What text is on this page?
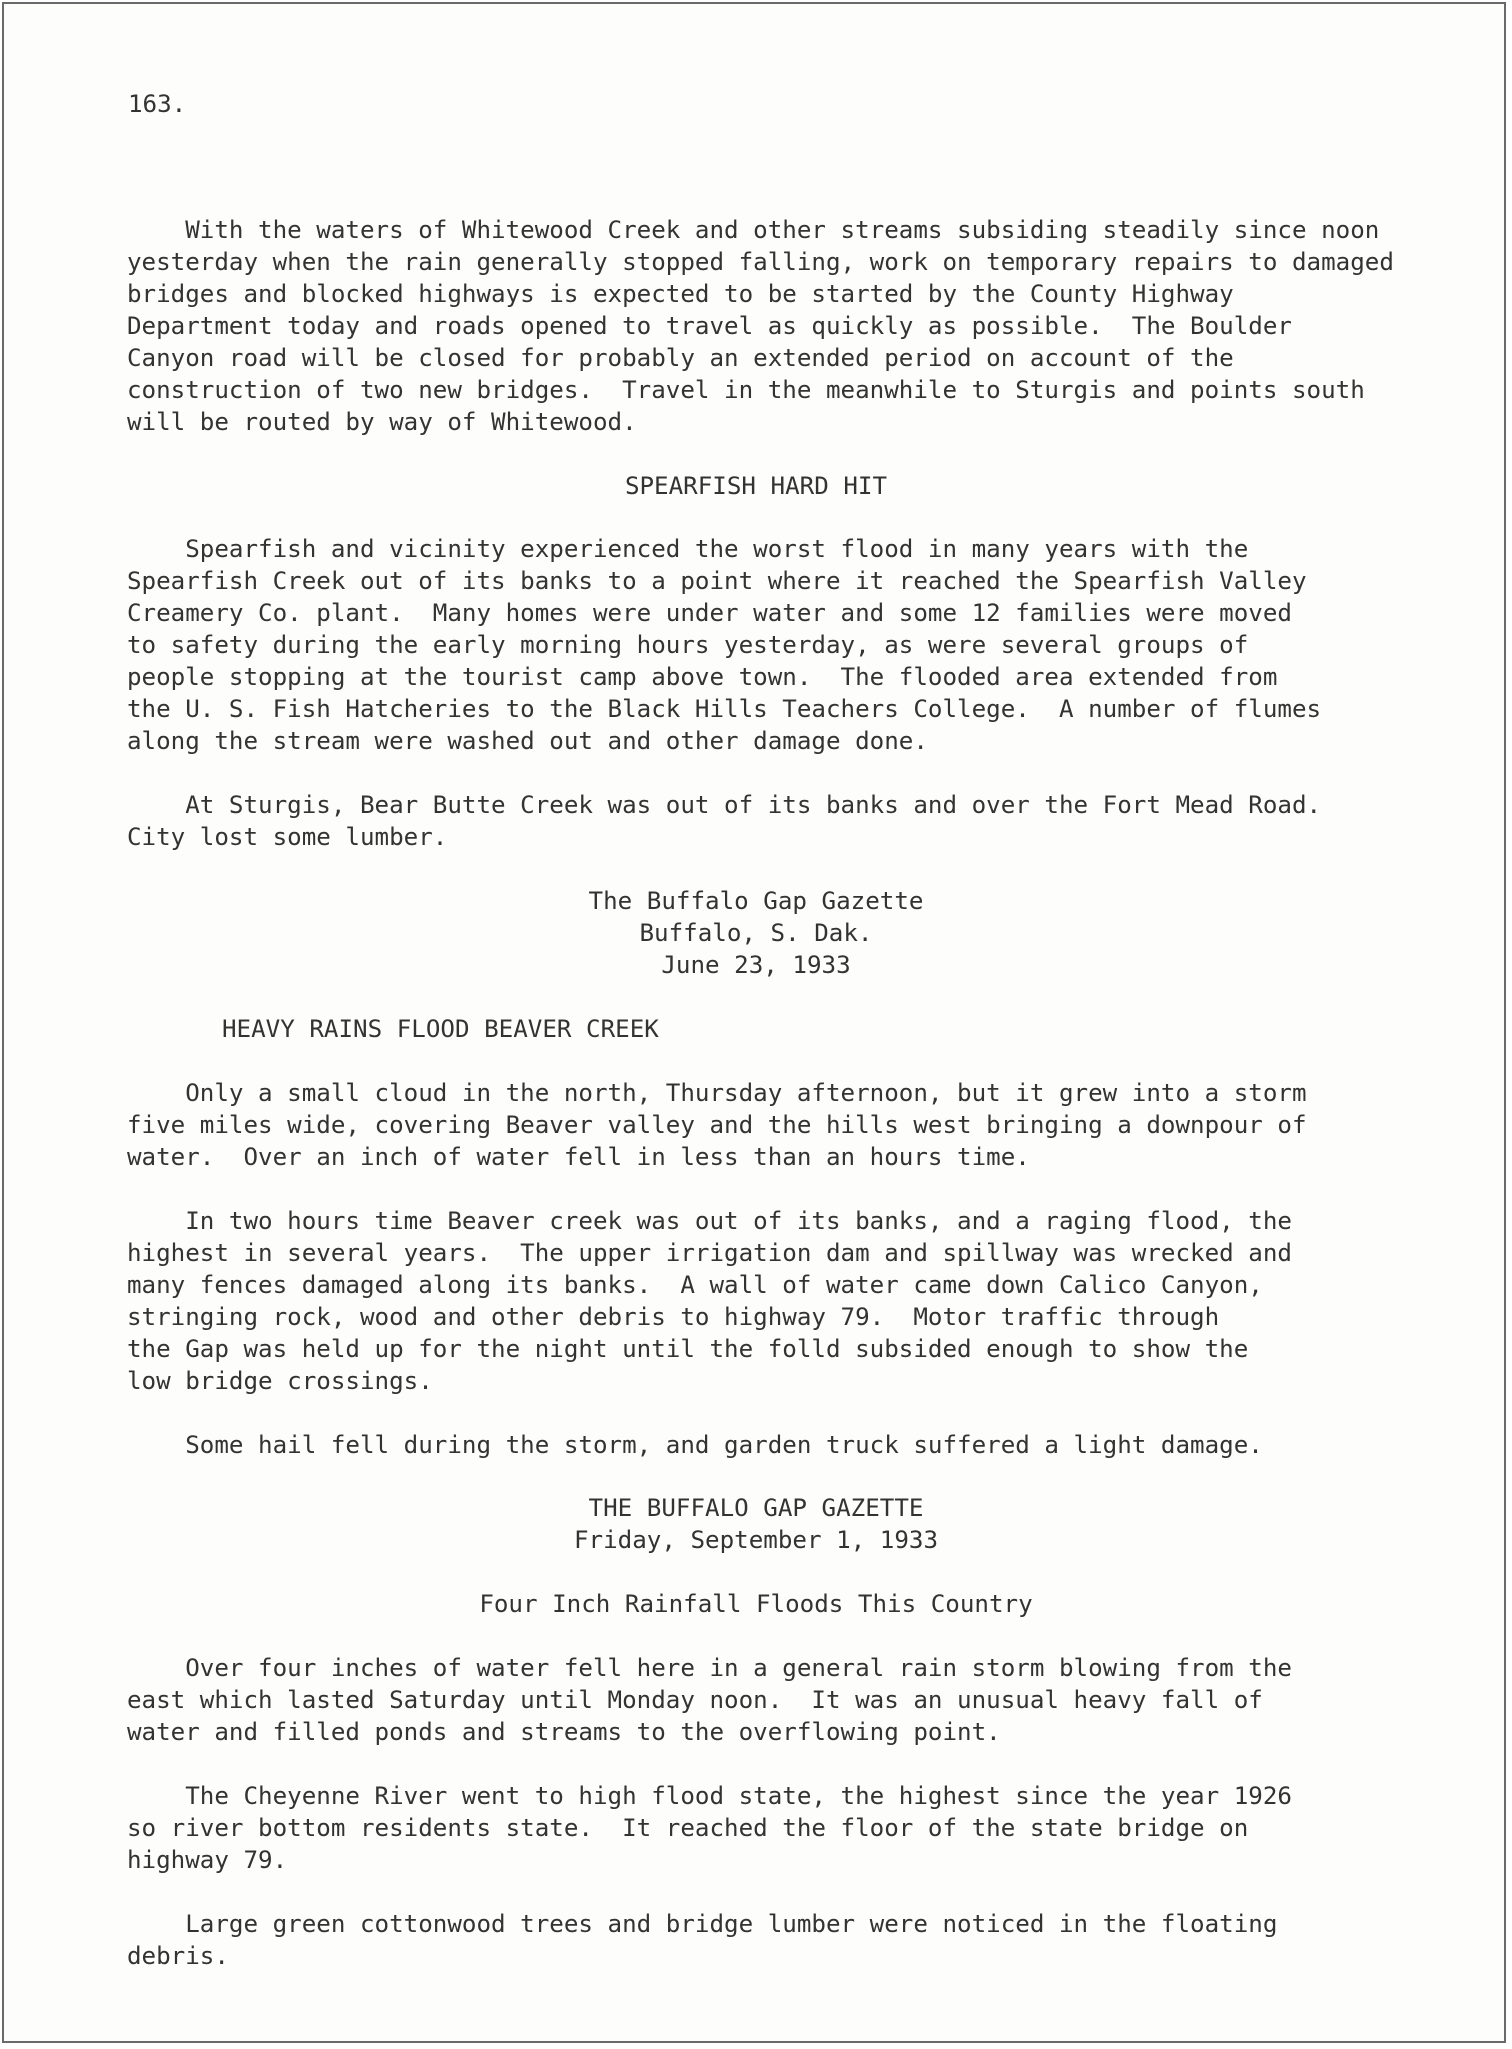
163.
With the waters of Whitewood Creek and other streams subsiding steadily since noon
yesterday when the rain generally stopped falling, work on temporary repairs to damaged
bridges and blocked highways is expected to be started by the County Highway
Department today and roads opened to travel as quickly as possible.  The Boulder
Canyon road will be closed for probably an extended period on account of the
construction of two new bridges.  Travel in the meanwhile to Sturgis and points south
will be routed by way of Whitewood.
SPEARFISH HARD HIT
Spearfish and vicinity experienced the worst flood in many years with the
Spearfish Creek out of its banks to a point where it reached the Spearfish Valley
Creamery Co. plant.  Many homes were under water and some 12 families were moved
to safety during the early morning hours yesterday, as were several groups of
people stopping at the tourist camp above town.  The flooded area extended from
the U. S. Fish Hatcheries to the Black Hills Teachers College.  A number of flumes
along the stream were washed out and other damage done.
At Sturgis, Bear Butte Creek was out of its banks and over the Fort Mead Road.
City lost some lumber.
The Buffalo Gap Gazette
Buffalo, S. Dak.
June 23, 1933
HEAVY RAINS FLOOD BEAVER CREEK
Only a small cloud in the north, Thursday afternoon, but it grew into a storm
five miles wide, covering Beaver valley and the hills west bringing a downpour of
water.  Over an inch of water fell in less than an hours time.
In two hours time Beaver creek was out of its banks, and a raging flood, the
highest in several years.  The upper irrigation dam and spillway was wrecked and
many fences damaged along its banks.  A wall of water came down Calico Canyon,
stringing rock, wood and other debris to highway 79.  Motor traffic through
the Gap was held up for the night until the folld subsided enough to show the
low bridge crossings.
Some hail fell during the storm, and garden truck suffered a light damage.
THE BUFFALO GAP GAZETTE
Friday, September 1, 1933
Four Inch Rainfall Floods This Country
Over four inches of water fell here in a general rain storm blowing from the
east which lasted Saturday until Monday noon.  It was an unusual heavy fall of
water and filled ponds and streams to the overflowing point.
The Cheyenne River went to high flood state, the highest since the year 1926
so river bottom residents state.  It reached the floor of the state bridge on
highway 79.
Large green cottonwood trees and bridge lumber were noticed in the floating
debris.
